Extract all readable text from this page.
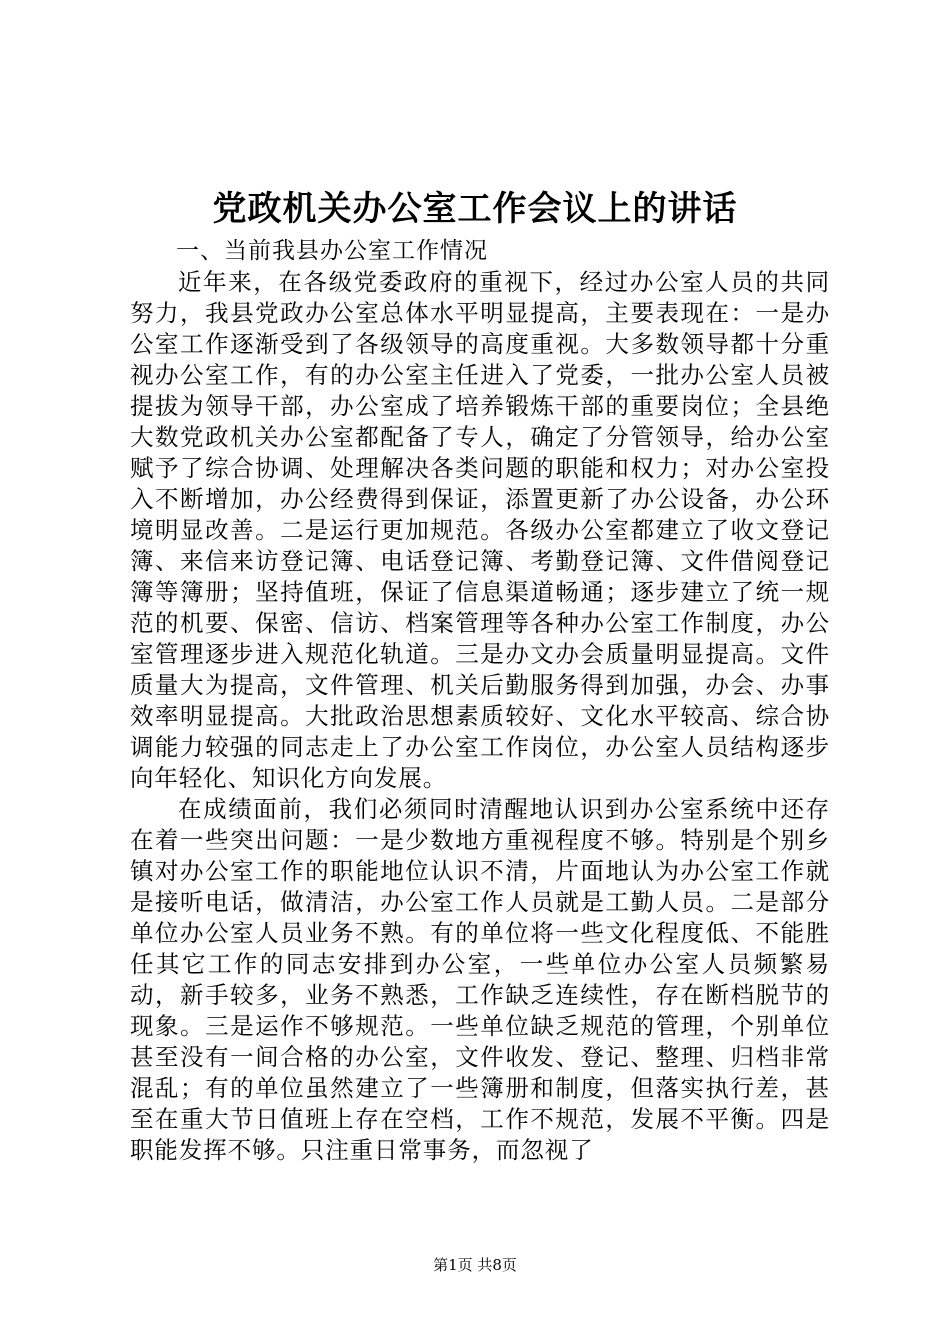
党政机关办公室工作会议上的讲话

一、当前我县办公室工作情况

近年来，在各级党委政府的重视下，经过办公室人员的共同努力，我县党政办公室总体水平明显提高，主要表现在：一是办公室工作逐渐受到了各级领导的高度重视。大多数领导都十分重视办公室工作，有的办公室主任进入了党委，一批办公室人员被提拔为领导干部，办公室成了培养锻炼干部的重要岗位；全县绝大数党政机关办公室都配备了专人，确定了分管领导，给办公室赋予了综合协调、处理解决各类问题的职能和权力；对办公室投入不断增加，办公经费得到保证，添置更新了办公设备，办公环境明显改善。二是运行更加规范。各级办公室都建立了收文登记簿、来信来访登记簿、电话登记簿、考勤登记簿、文件借阅登记簿等簿册；坚持值班，保证了信息渠道畅通；逐步建立了统一规范的机要、保密、信访、档案管理等各种办公室工作制度，办公室管理逐步进入规范化轨道。三是办文办会质量明显提高。文件质量大为提高，文件管理、机关后勤服务得到加强，办会、办事效率明显提高。大批政治思想素质较好、文化水平较高、综合协调能力较强的同志走上了办公室工作岗位，办公室人员结构逐步向年轻化、知识化方向发展。

在成绩面前，我们必须同时清醒地认识到办公室系统中还存在着一些突出问题：一是少数地方重视程度不够。特别是个别乡镇对办公室工作的职能地位认识不清，片面地认为办公室工作就是接听电话，做清洁，办公室工作人员就是工勤人员。二是部分单位办公室人员业务不熟。有的单位将一些文化程度低、不能胜任其它工作的同志安排到办公室，一些单位办公室人员频繁易动，新手较多，业务不熟悉，工作缺乏连续性，存在断档脱节的现象。三是运作不够规范。一些单位缺乏规范的管理，个别单位甚至没有一间合格的办公室，文件收发、登记、整理、归档非常混乱；有的单位虽然建立了一些簿册和制度，但落实执行差，甚至在重大节日值班上存在空档，工作不规范，发展不平衡。四是职能发挥不够。只注重日常事务，而忽视了

第1页 共8页
